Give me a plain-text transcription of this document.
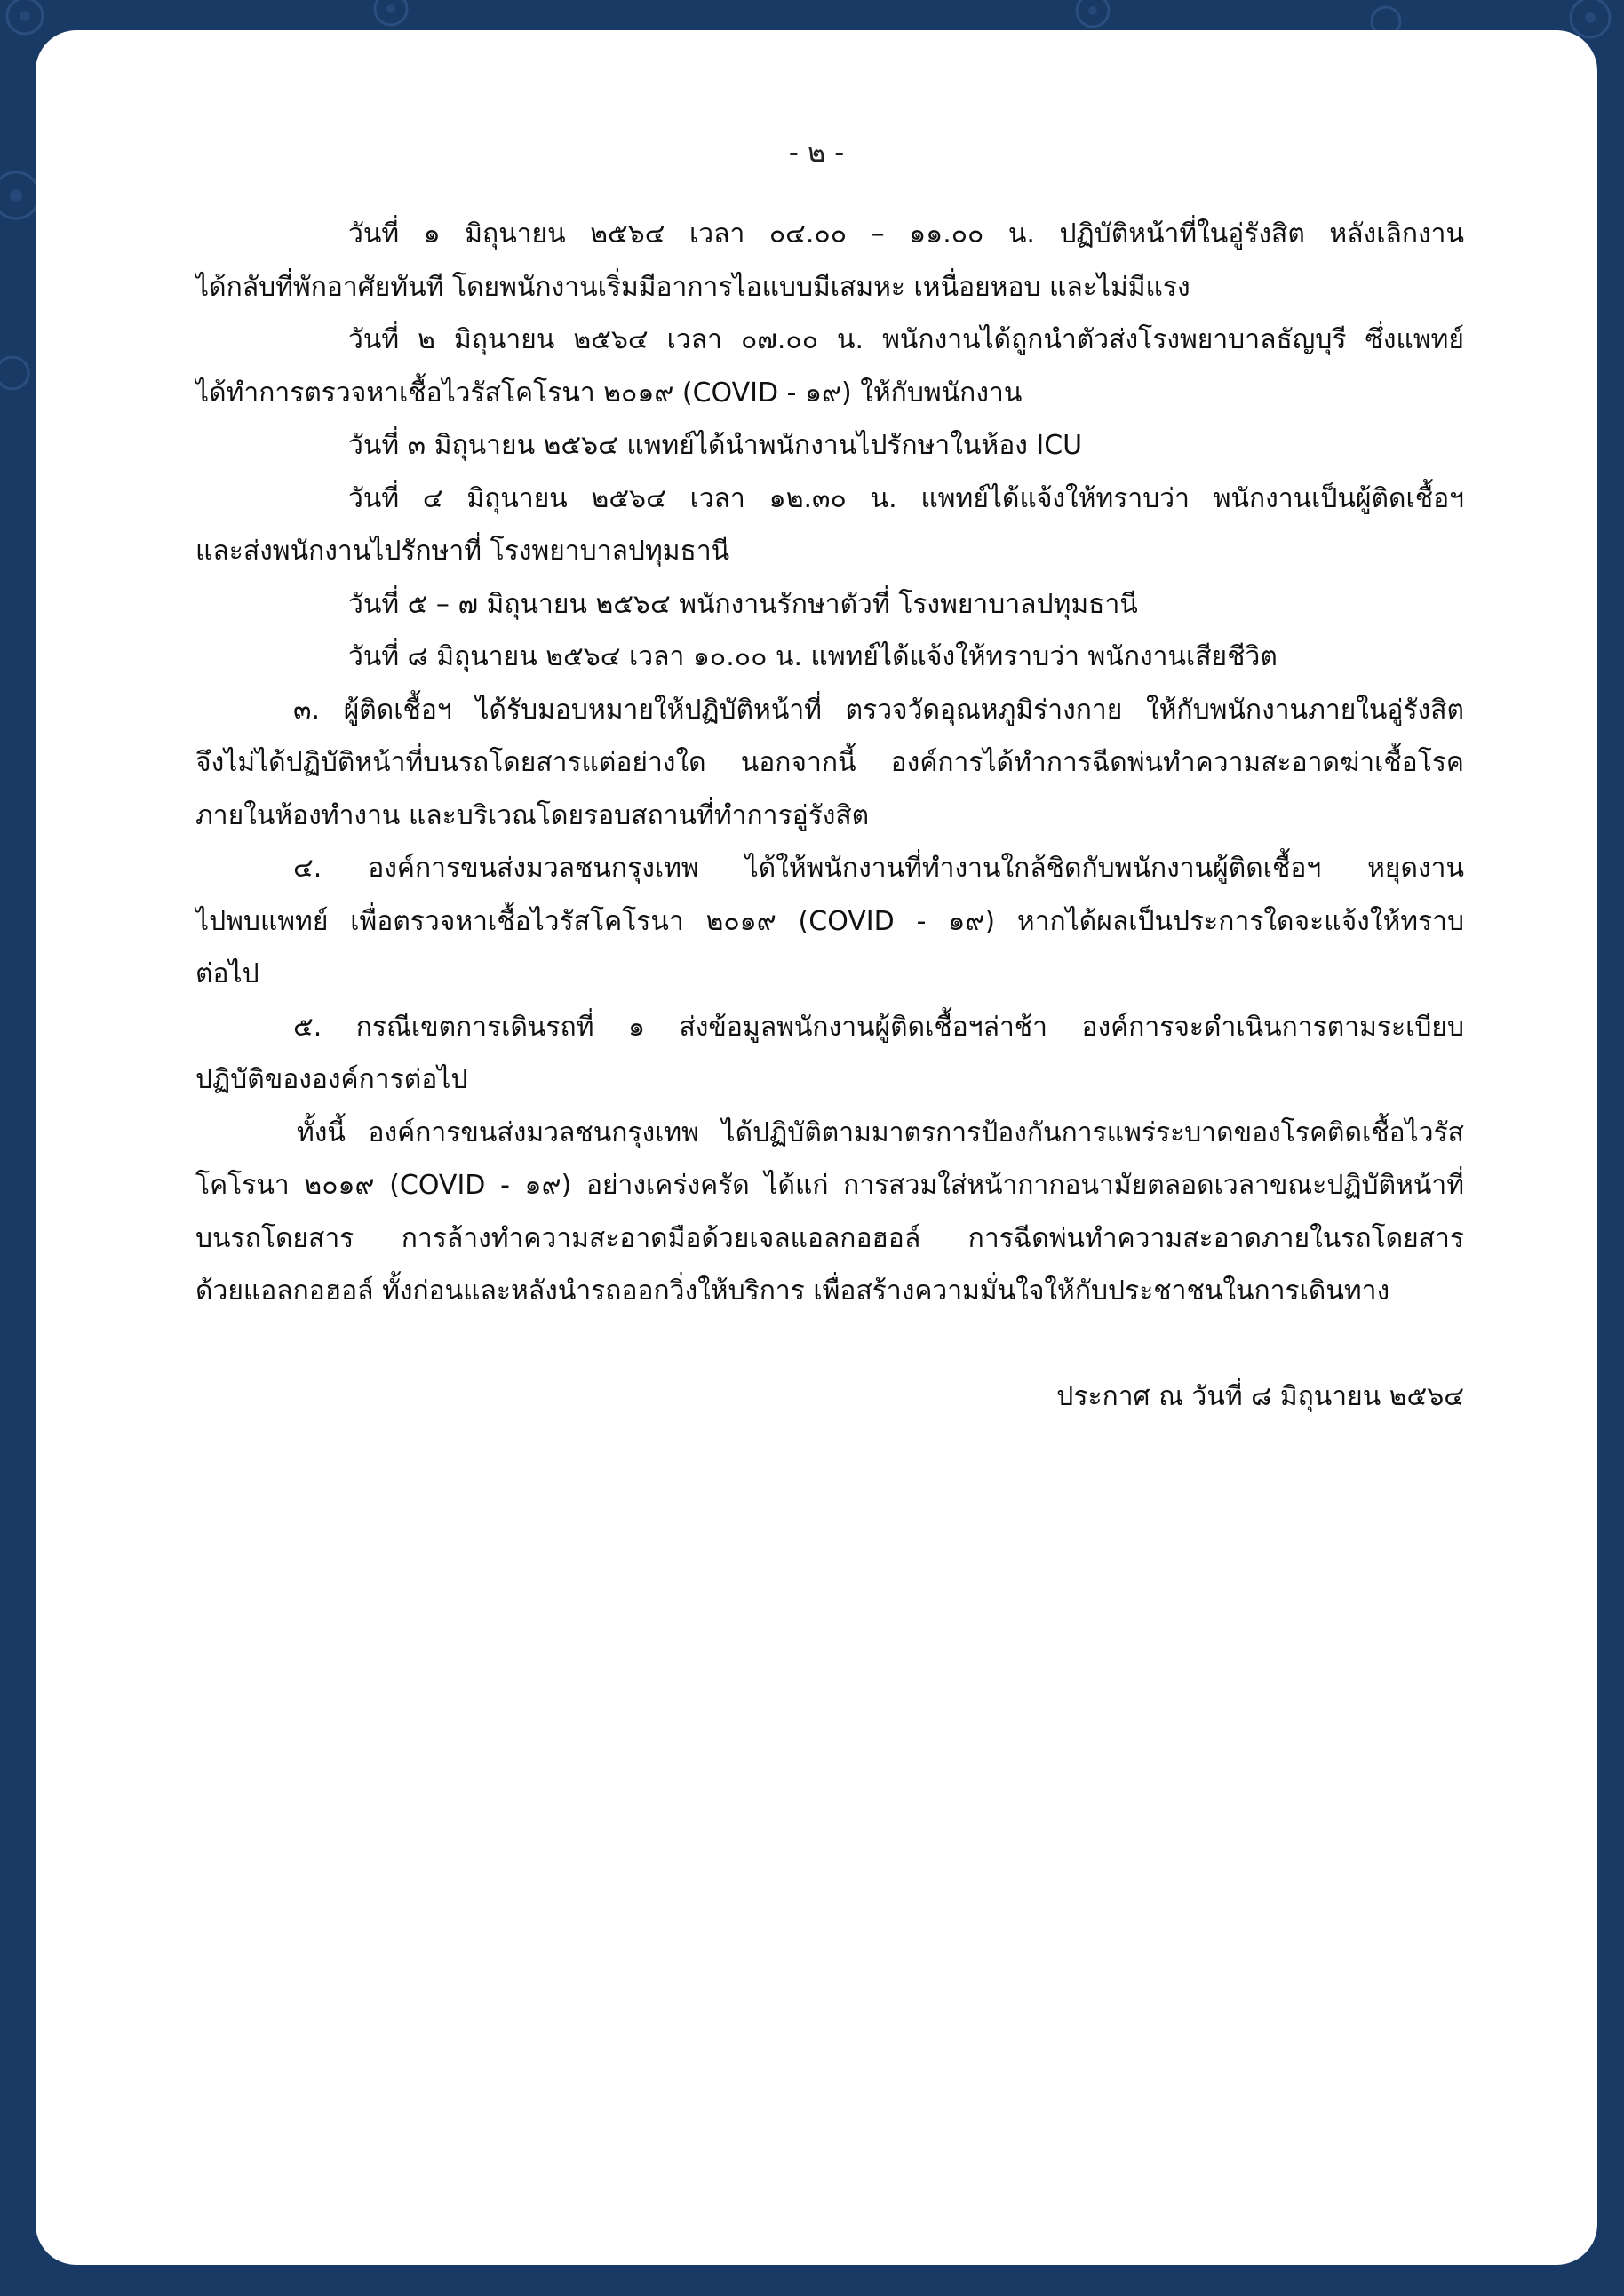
- ๒ -
วันที่ ๑ มิถุนายน ๒๕๖๔ เวลา ๐๔.๐๐ – ๑๑.๐๐ น. ปฏิบัติหน้าที่ในอู่รังสิต หลังเลิกงาน
ได้กลับที่พักอาศัยทันที โดยพนักงานเริ่มมีอาการไอแบบมีเสมหะ เหนื่อยหอบ และไม่มีแรง
วันที่ ๒ มิถุนายน ๒๕๖๔ เวลา ๐๗.๐๐ น. พนักงานได้ถูกนำตัวส่งโรงพยาบาลธัญบุรี ซึ่งแพทย์
ได้ทำการตรวจหาเชื้อไวรัสโคโรนา ๒๐๑๙ (COVID - ๑๙) ให้กับพนักงาน
วันที่ ๓ มิถุนายน ๒๕๖๔ แพทย์ได้นำพนักงานไปรักษาในห้อง ICU
วันที่ ๔ มิถุนายน ๒๕๖๔ เวลา ๑๒.๓๐ น. แพทย์ได้แจ้งให้ทราบว่า พนักงานเป็นผู้ติดเชื้อฯ
และส่งพนักงานไปรักษาที่ โรงพยาบาลปทุมธานี
วันที่ ๕ – ๗ มิถุนายน ๒๕๖๔ พนักงานรักษาตัวที่ โรงพยาบาลปทุมธานี
วันที่ ๘ มิถุนายน ๒๕๖๔ เวลา ๑๐.๐๐ น. แพทย์ได้แจ้งให้ทราบว่า พนักงานเสียชีวิต
๓. ผู้ติดเชื้อฯ ได้รับมอบหมายให้ปฏิบัติหน้าที่ ตรวจวัดอุณหภูมิร่างกาย ให้กับพนักงานภายในอู่รังสิต
จึงไม่ได้ปฏิบัติหน้าที่บนรถโดยสารแต่อย่างใด นอกจากนี้ องค์การได้ทำการฉีดพ่นทำความสะอาดฆ่าเชื้อโรค
ภายในห้องทำงาน และบริเวณโดยรอบสถานที่ทำการอู่รังสิต
๔. องค์การขนส่งมวลชนกรุงเทพ ได้ให้พนักงานที่ทำงานใกล้ชิดกับพนักงานผู้ติดเชื้อฯ หยุดงาน
ไปพบแพทย์ เพื่อตรวจหาเชื้อไวรัสโคโรนา ๒๐๑๙ (COVID - ๑๙) หากได้ผลเป็นประการใดจะแจ้งให้ทราบ
ต่อไป
๕. กรณีเขตการเดินรถที่ ๑ ส่งข้อมูลพนักงานผู้ติดเชื้อฯล่าช้า องค์การจะดำเนินการตามระเบียบ
ปฏิบัติขององค์การต่อไป
ทั้งนี้ องค์การขนส่งมวลชนกรุงเทพ ได้ปฏิบัติตามมาตรการป้องกันการแพร่ระบาดของโรคติดเชื้อไวรัส
โคโรนา ๒๐๑๙ (COVID - ๑๙) อย่างเคร่งครัด ได้แก่ การสวมใส่หน้ากากอนามัยตลอดเวลาขณะปฏิบัติหน้าที่
บนรถโดยสาร การล้างทำความสะอาดมือด้วยเจลแอลกอฮอล์ การฉีดพ่นทำความสะอาดภายในรถโดยสาร
ด้วยแอลกอฮอล์ ทั้งก่อนและหลังนำรถออกวิ่งให้บริการ เพื่อสร้างความมั่นใจให้กับประชาชนในการเดินทาง
ประกาศ ณ วันที่ ๘ มิถุนายน ๒๕๖๔
